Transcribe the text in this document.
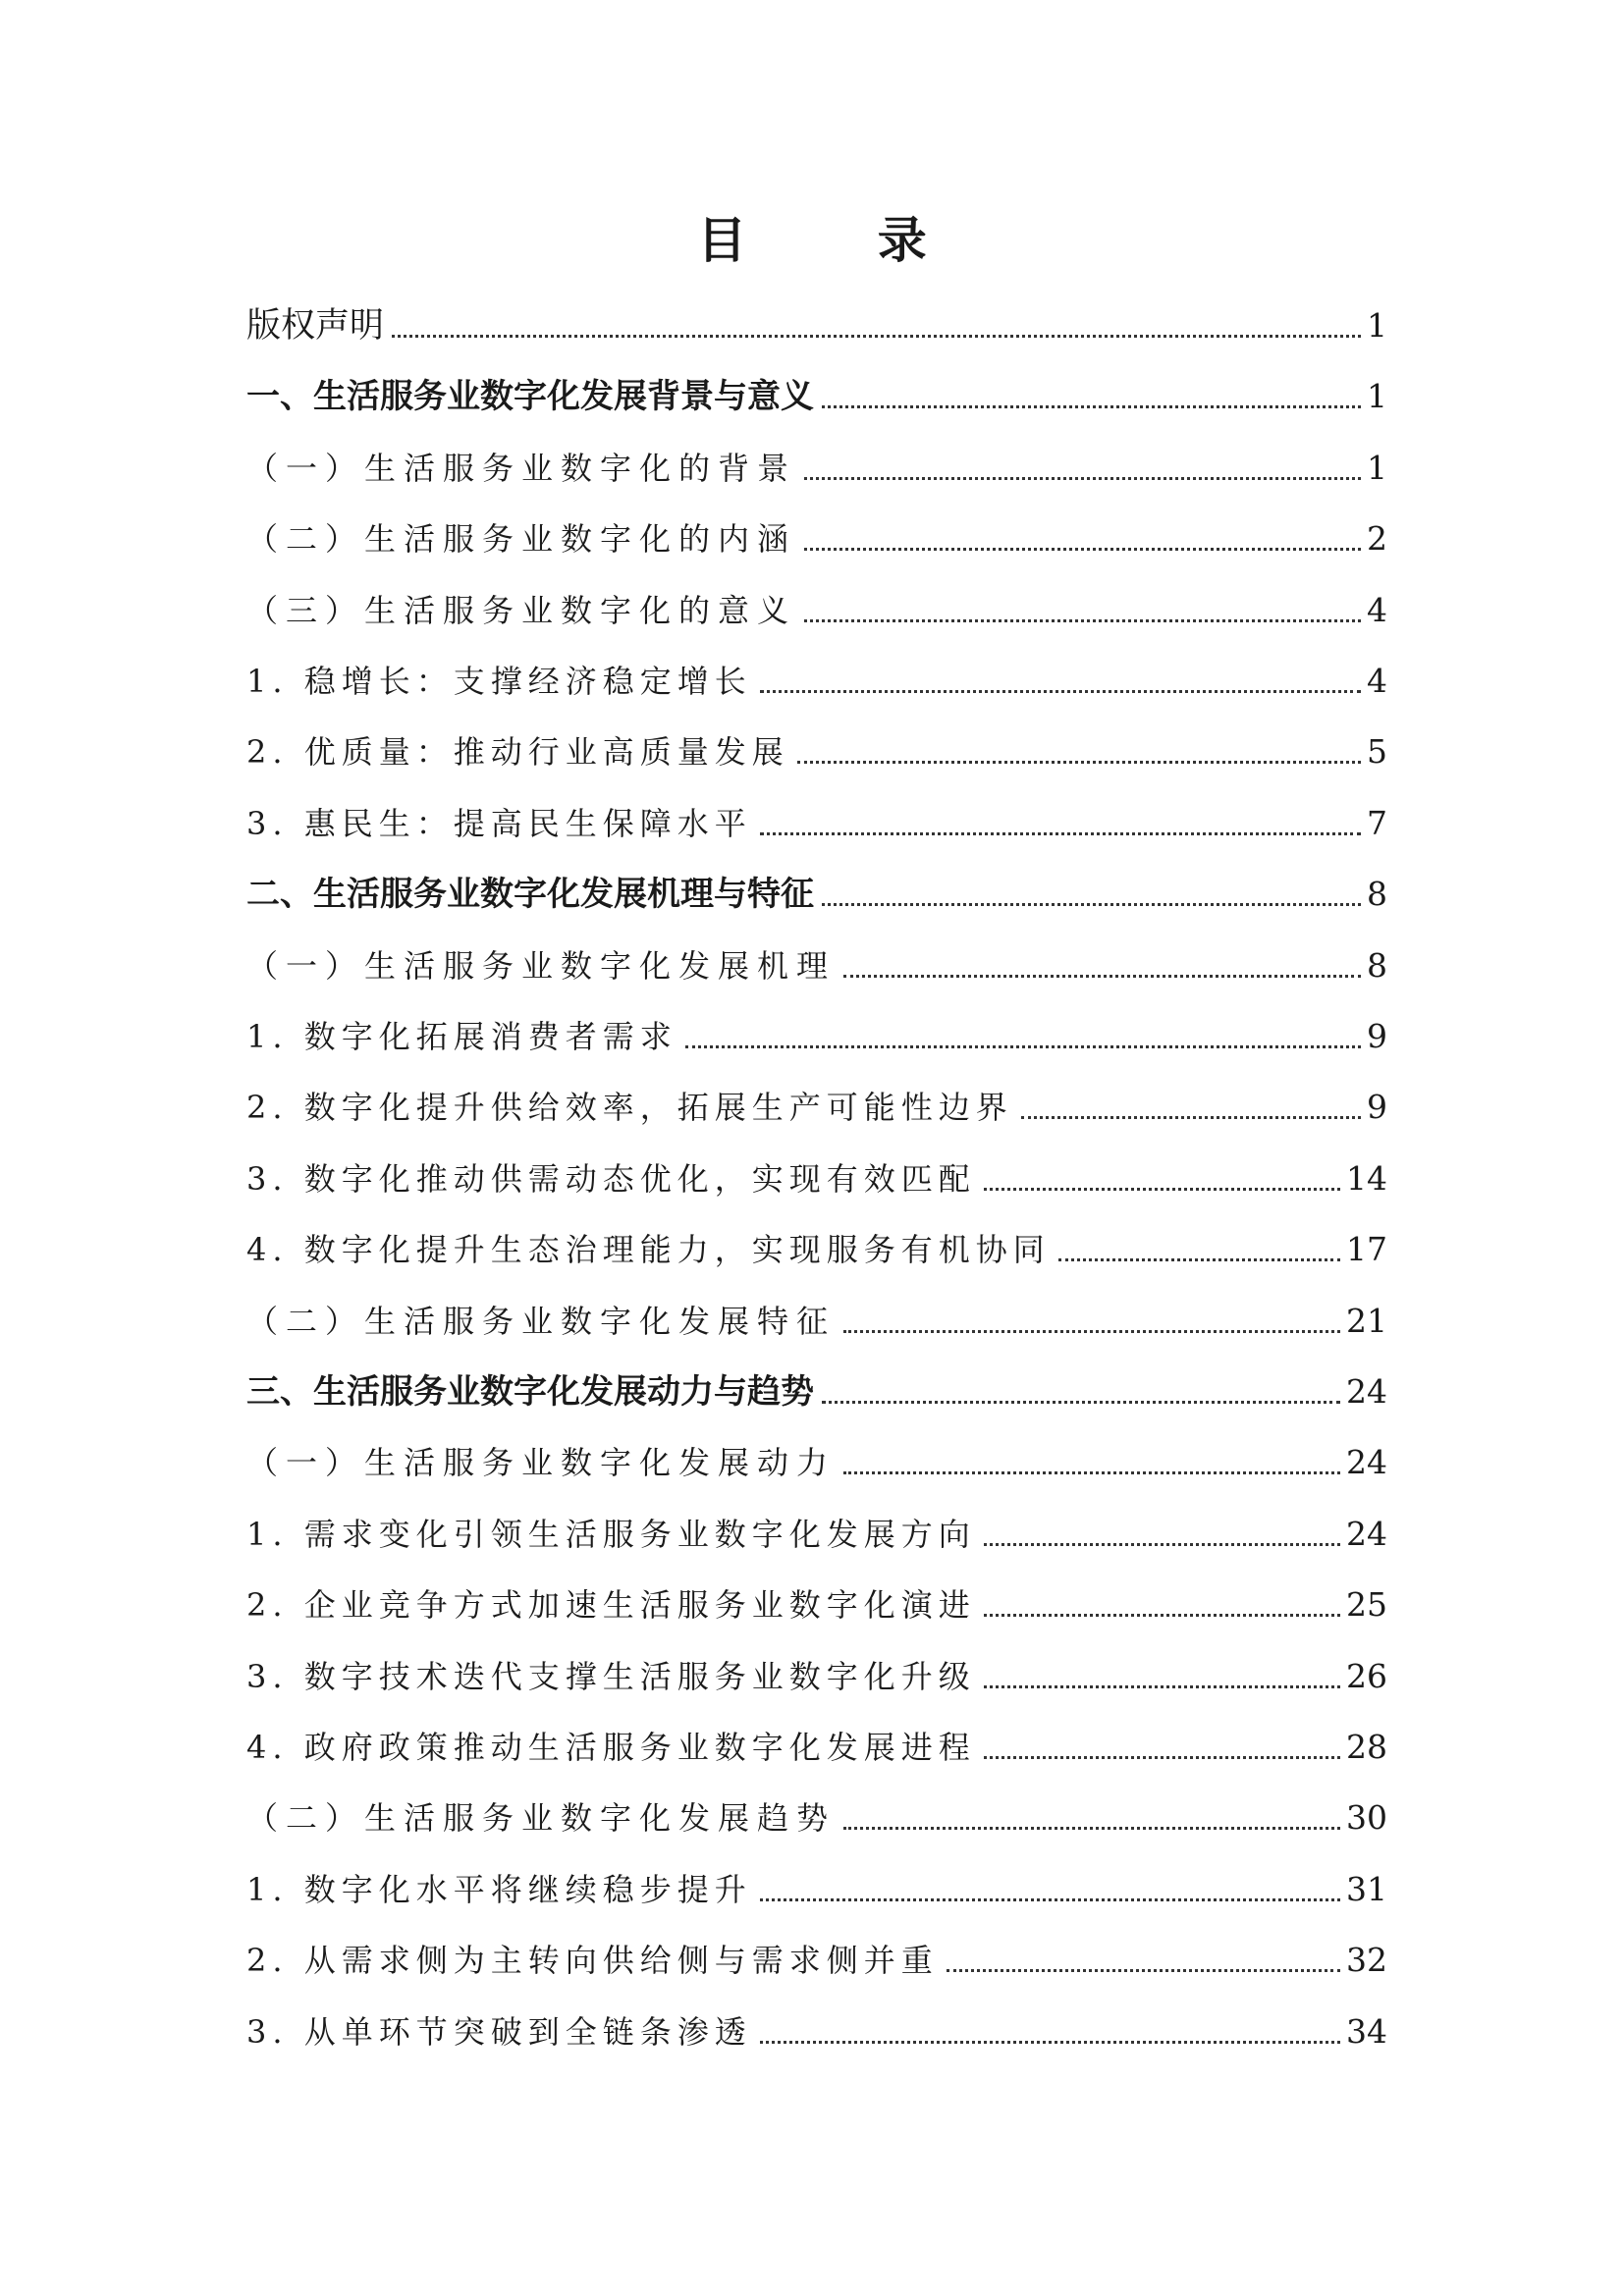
目 录
版权声明	1
一、生活服务业数字化发展背景与意义	1
（一）生活服务业数字化的背景	1
（二）生活服务业数字化的内涵	2
（三）生活服务业数字化的意义	4
1. 稳增长：支撑经济稳定增长	4
2. 优质量：推动行业高质量发展	5
3. 惠民生：提高民生保障水平	7
二、生活服务业数字化发展机理与特征	8
（一）生活服务业数字化发展机理	8
1. 数字化拓展消费者需求	9
2. 数字化提升供给效率，拓展生产可能性边界	9
3. 数字化推动供需动态优化，实现有效匹配	14
4. 数字化提升生态治理能力，实现服务有机协同	17
（二）生活服务业数字化发展特征	21
三、生活服务业数字化发展动力与趋势	24
（一）生活服务业数字化发展动力	24
1. 需求变化引领生活服务业数字化发展方向	24
2. 企业竞争方式加速生活服务业数字化演进	25
3. 数字技术迭代支撑生活服务业数字化升级	26
4. 政府政策推动生活服务业数字化发展进程	28
（二）生活服务业数字化发展趋势	30
1. 数字化水平将继续稳步提升	31
2. 从需求侧为主转向供给侧与需求侧并重	32
3. 从单环节突破到全链条渗透	34
